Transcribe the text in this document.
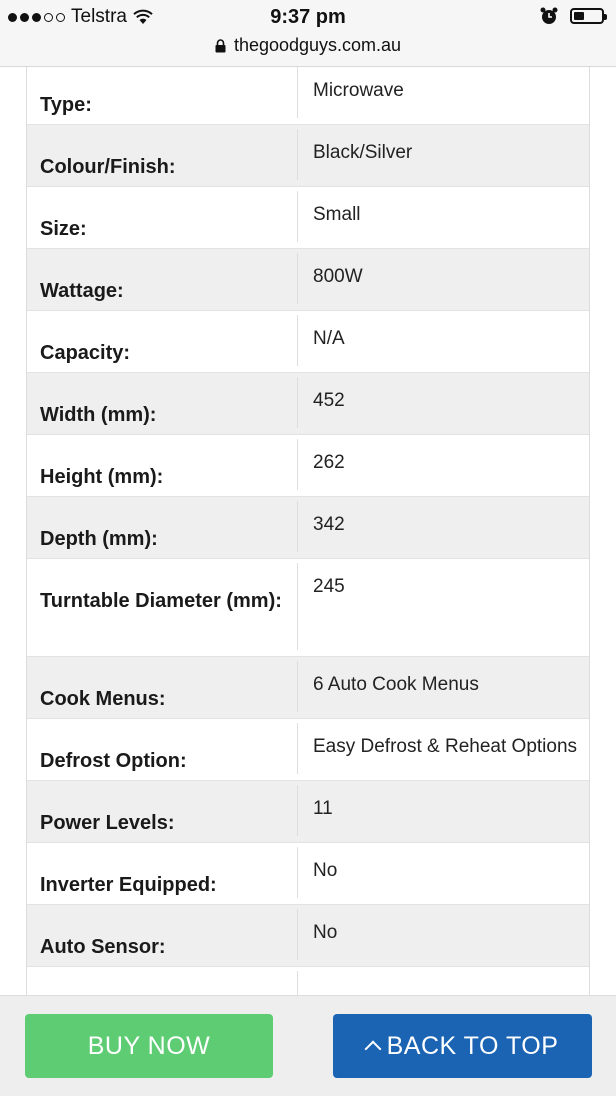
Telstra	9:37 pm
thegoodguys.com.au
Type:
Microwave
Colour/Finish:
Black/Silver
Size:
Small
Wattage:
800W
Capacity:
N/A
Width (mm):
452
Height (mm):
262
Depth (mm):
342
Turntable Diameter (mm):
245
Cook Menus:
6 Auto Cook Menus
Defrost Option:
Easy Defrost & Reheat Options
Power Levels:
11
Inverter Equipped:
No
Auto Sensor:
No
BUY NOW	BACK TO TOP
